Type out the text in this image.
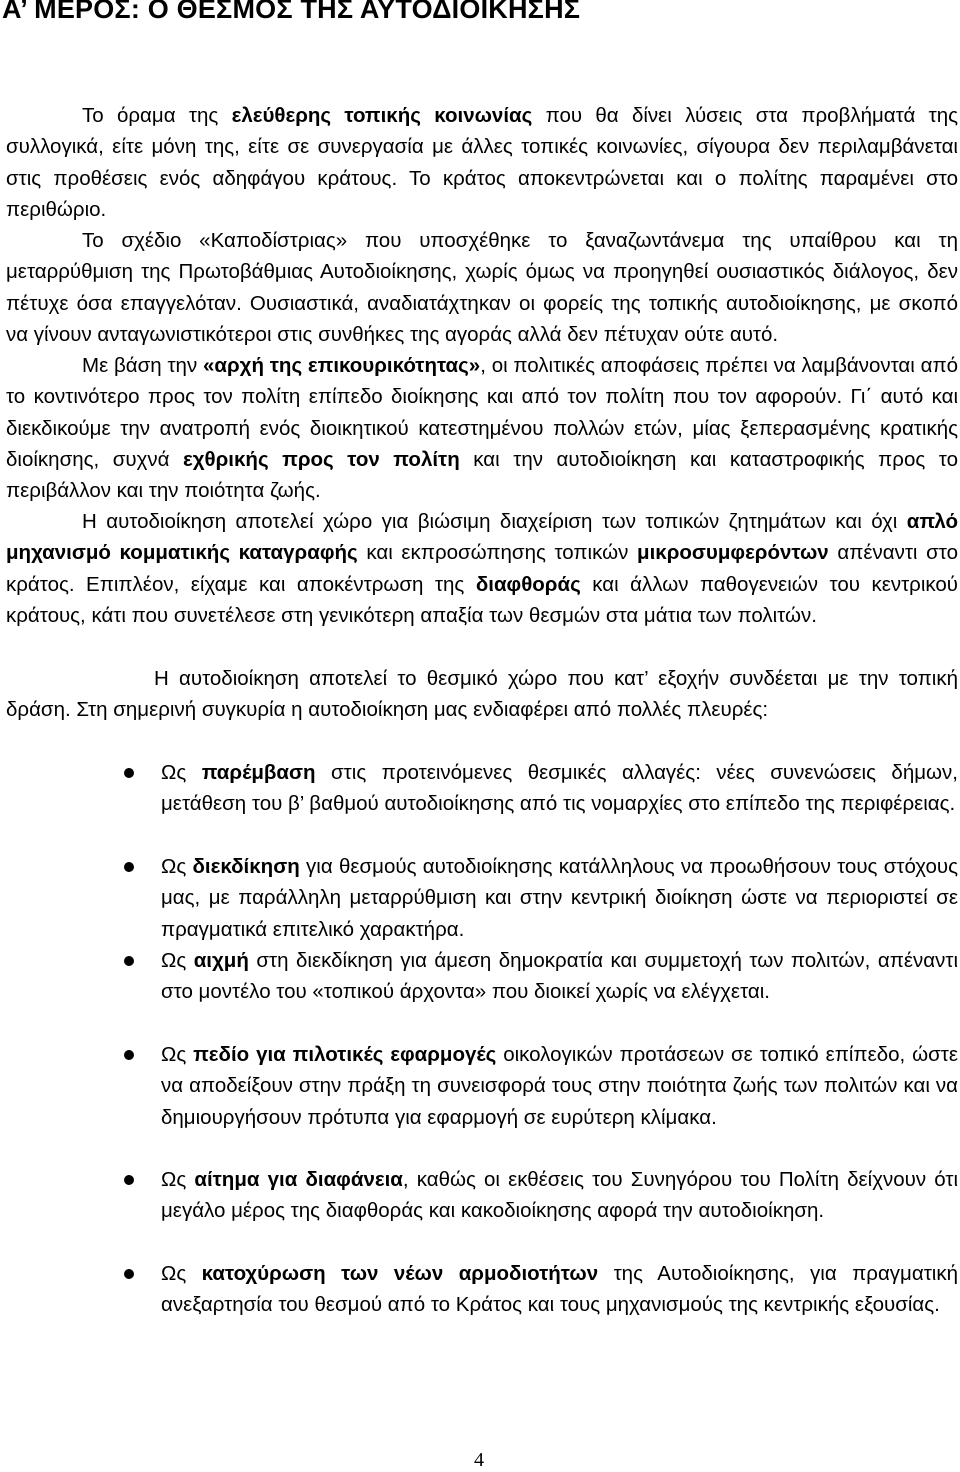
Α’ ΜΕΡΟΣ: Ο ΘΕΣΜΟΣ ΤΗΣ ΑΥΤΟΔΙΟΙΚΗΣΗΣ

Το όραμα της ελεύθερης τοπικής κοινωνίας που θα δίνει λύσεις στα προβλήματά της συλλογικά, είτε μόνη της, είτε σε συνεργασία με άλλες τοπικές κοινωνίες, σίγουρα δεν περιλαμβάνεται στις προθέσεις ενός αδηφάγου κράτους. Το κράτος αποκεντρώνεται και ο πολίτης παραμένει στο περιθώριο.

Το σχέδιο «Καποδίστριας» που υποσχέθηκε το ξαναζωντάνεμα της υπαίθρου και τη μεταρρύθμιση της Πρωτοβάθμιας Αυτοδιοίκησης, χωρίς όμως να προηγηθεί ουσιαστικός διάλογος, δεν πέτυχε όσα επαγγελόταν. Ουσιαστικά, αναδιατάχτηκαν οι φορείς της τοπικής αυτοδιοίκησης, με σκοπό να γίνουν ανταγωνιστικότεροι στις συνθήκες της αγοράς αλλά δεν πέτυχαν ούτε αυτό.

Με βάση την «αρχή της επικουρικότητας», οι πολιτικές αποφάσεις πρέπει να λαμβάνονται από το κοντινότερο προς τον πολίτη επίπεδο διοίκησης και από τον πολίτη που τον αφορούν. Γι΄ αυτό και διεκδικούμε την ανατροπή ενός διοικητικού κατεστημένου πολλών ετών, μίας ξεπερασμένης κρατικής διοίκησης, συχνά εχθρικής προς τον πολίτη και την αυτοδιοίκηση και καταστροφικής προς το περιβάλλον και την ποιότητα ζωής.

Η αυτοδιοίκηση αποτελεί χώρο για βιώσιμη διαχείριση των τοπικών ζητημάτων και όχι απλό μηχανισμό κομματικής καταγραφής και εκπροσώπησης τοπικών μικροσυμφερόντων απέναντι στο κράτος. Επιπλέον, είχαμε και αποκέντρωση της διαφθοράς και άλλων παθογενειών του κεντρικού κράτους, κάτι που συνετέλεσε στη γενικότερη απαξία των θεσμών στα μάτια των πολιτών.

Η αυτοδιοίκηση αποτελεί το θεσμικό χώρο που κατ’ εξοχήν συνδέεται με την τοπική δράση. Στη σημερινή συγκυρία η αυτοδιοίκηση μας ενδιαφέρει από πολλές πλευρές:

Ως παρέμβαση στις προτεινόμενες θεσμικές αλλαγές: νέες συνενώσεις δήμων, μετάθεση του β’ βαθμού αυτοδιοίκησης από τις νομαρχίες στο επίπεδο της περιφέρειας.

Ως διεκδίκηση για θεσμούς αυτοδιοίκησης κατάλληλους να προωθήσουν τους στόχους μας, με παράλληλη μεταρρύθμιση και στην κεντρική διοίκηση ώστε να περιοριστεί σε πραγματικά επιτελικό χαρακτήρα.

Ως αιχμή στη διεκδίκηση για άμεση δημοκρατία και συμμετοχή των πολιτών, απέναντι στο μοντέλο του «τοπικού άρχοντα» που διοικεί χωρίς να ελέγχεται.

Ως πεδίο για πιλοτικές εφαρμογές οικολογικών προτάσεων σε τοπικό επίπεδο, ώστε να αποδείξουν στην πράξη τη συνεισφορά τους στην ποιότητα ζωής των πολιτών και να δημιουργήσουν πρότυπα για εφαρμογή σε ευρύτερη κλίμακα.

Ως αίτημα για διαφάνεια, καθώς οι εκθέσεις του Συνηγόρου του Πολίτη δείχνουν ότι μεγάλο μέρος της διαφθοράς και κακοδιοίκησης αφορά την αυτοδιοίκηση.

Ως κατοχύρωση των νέων αρμοδιοτήτων της Αυτοδιοίκησης, για πραγματική ανεξαρτησία του θεσμού από το Κράτος και τους μηχανισμούς της κεντρικής εξουσίας.

4
